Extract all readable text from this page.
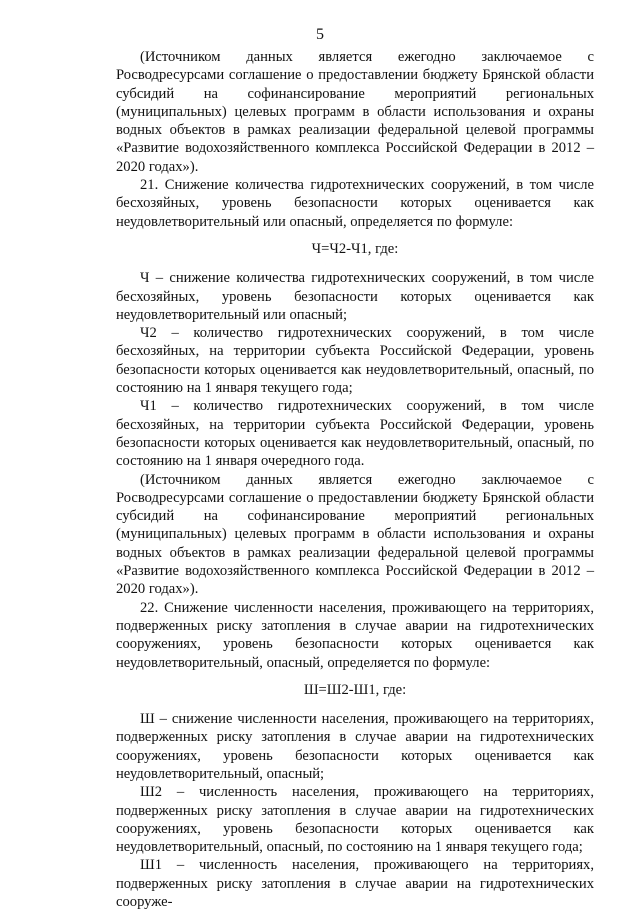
5

(Источником данных является ежегодно заключаемое с Росводресурсами соглашение о предоставлении бюджету Брянской области субсидий на софинансирование мероприятий региональных (муниципальных) целевых программ в области использования и охраны водных объектов в рамках реализации федеральной целевой программы «Развитие водохозяйственного комплекса Российской Федерации в 2012 – 2020 годах»).

21. Снижение количества гидротехнических сооружений, в том числе бесхозяйных, уровень безопасности которых оценивается как неудовлетворительный или опасный, определяется по формуле:

Ч=Ч2-Ч1, где:

Ч – снижение количества гидротехнических сооружений, в том числе бесхозяйных, уровень безопасности которых оценивается как неудовлетворительный или опасный;

Ч2 – количество гидротехнических сооружений, в том числе бесхозяйных, на территории субъекта Российской Федерации, уровень безопасности которых оценивается как неудовлетворительный, опасный, по состоянию на 1 января текущего года;

Ч1 – количество гидротехнических сооружений, в том числе бесхозяйных, на территории субъекта Российской Федерации, уровень безопасности которых оценивается как неудовлетворительный, опасный, по состоянию на 1 января очередного года.

(Источником данных является ежегодно заключаемое с Росводресурсами соглашение о предоставлении бюджету Брянской области субсидий на софинансирование мероприятий региональных (муниципальных) целевых программ в области использования и охраны водных объектов в рамках реализации федеральной целевой программы «Развитие водохозяйственного комплекса Российской Федерации в 2012 – 2020 годах»).

22. Снижение численности населения, проживающего на территориях, подверженных риску затопления в случае аварии на гидротехнических сооружениях, уровень безопасности которых оценивается как неудовлетворительный, опасный, определяется по формуле:

Ш=Ш2-Ш1, где:

Ш – снижение численности населения, проживающего на территориях, подверженных риску затопления в случае аварии на гидротехнических сооружениях, уровень безопасности которых оценивается как неудовлетворительный, опасный;

Ш2 – численность населения, проживающего на территориях, подверженных риску затопления в случае аварии на гидротехнических сооружениях, уровень безопасности которых оценивается как неудовлетворительный, опасный, по состоянию на 1 января текущего года;

Ш1 – численность населения, проживающего на территориях, подверженных риску затопления в случае аварии на гидротехнических сооруже-
